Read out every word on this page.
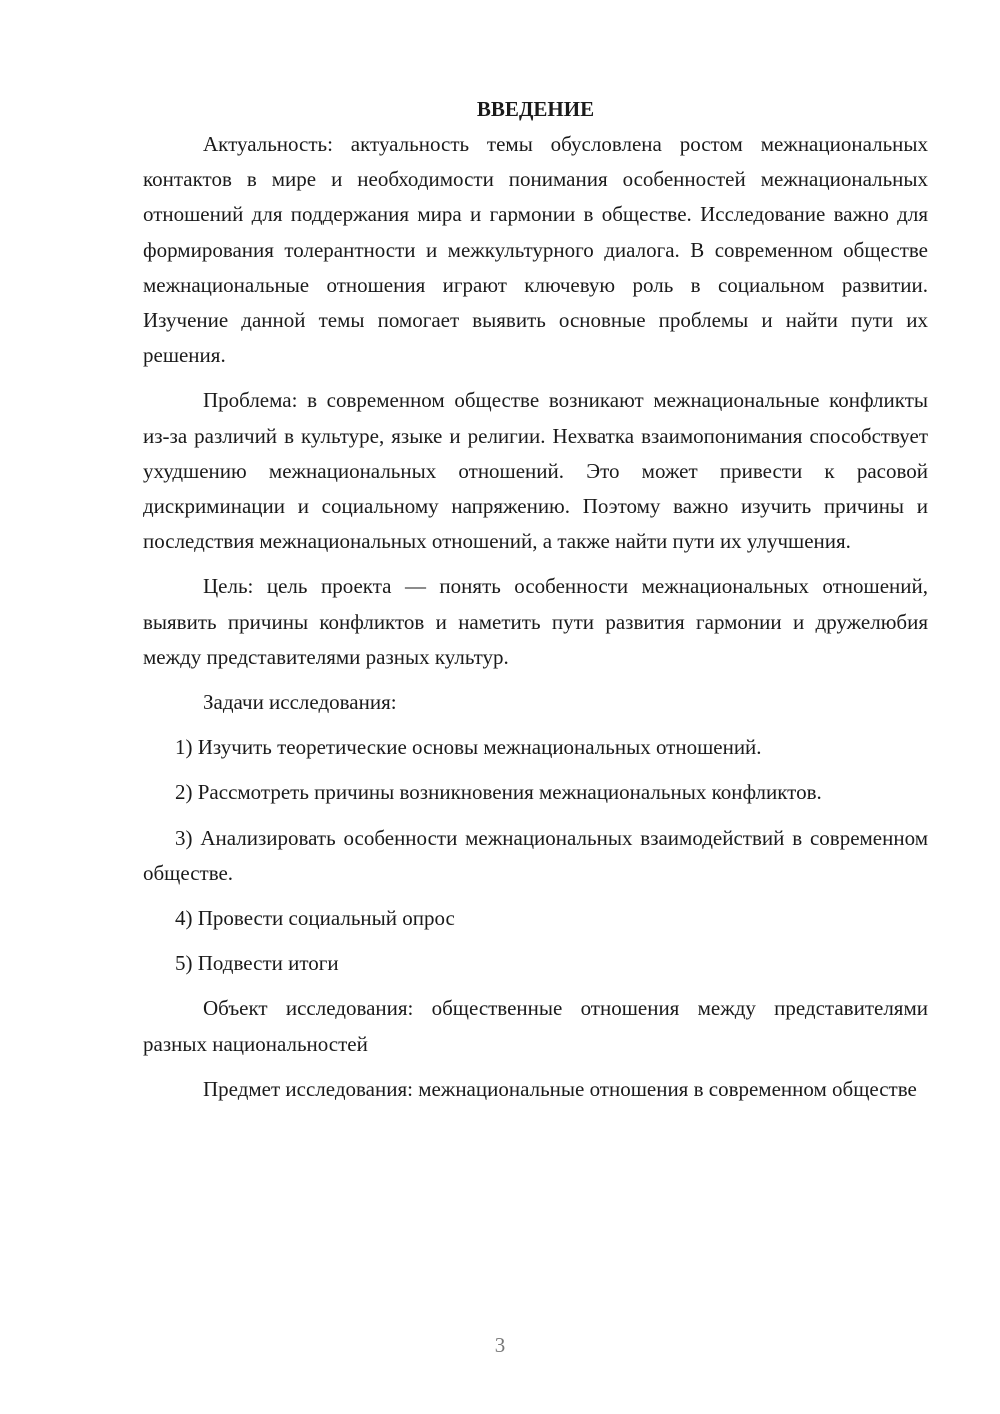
ВВЕДЕНИЕ

Актуальность: актуальность темы обусловлена ростом межнациональных контактов в мире и необходимости понимания особенностей межнациональных отношений для поддержания мира и гармонии в обществе. Исследование важно для формирования толерантности и межкультурного диалога. В современном обществе межнациональные отношения играют ключевую роль в социальном развитии. Изучение данной темы помогает выявить основные проблемы и найти пути их решения.

Проблема: в современном обществе возникают межнациональные конфликты из-за различий в культуре, языке и религии. Нехватка взаимопонимания способствует ухудшению межнациональных отношений. Это может привести к расовой дискриминации и социальному напряжению. Поэтому важно изучить причины и последствия межнациональных отношений, а также найти пути их улучшения.

Цель: цель проекта — понять особенности межнациональных отношений, выявить причины конфликтов и наметить пути развития гармонии и дружелюбия между представителями разных культур.

Задачи исследования:

1) Изучить теоретические основы межнациональных отношений.

2) Рассмотреть причины возникновения межнациональных конфликтов.

3) Анализировать особенности межнациональных взаимодействий в современном обществе.

4) Провести социальный опрос

5) Подвести итоги

Объект исследования: общественные отношения между представителями разных национальностей

Предмет исследования: межнациональные отношения в современном обществе

3
